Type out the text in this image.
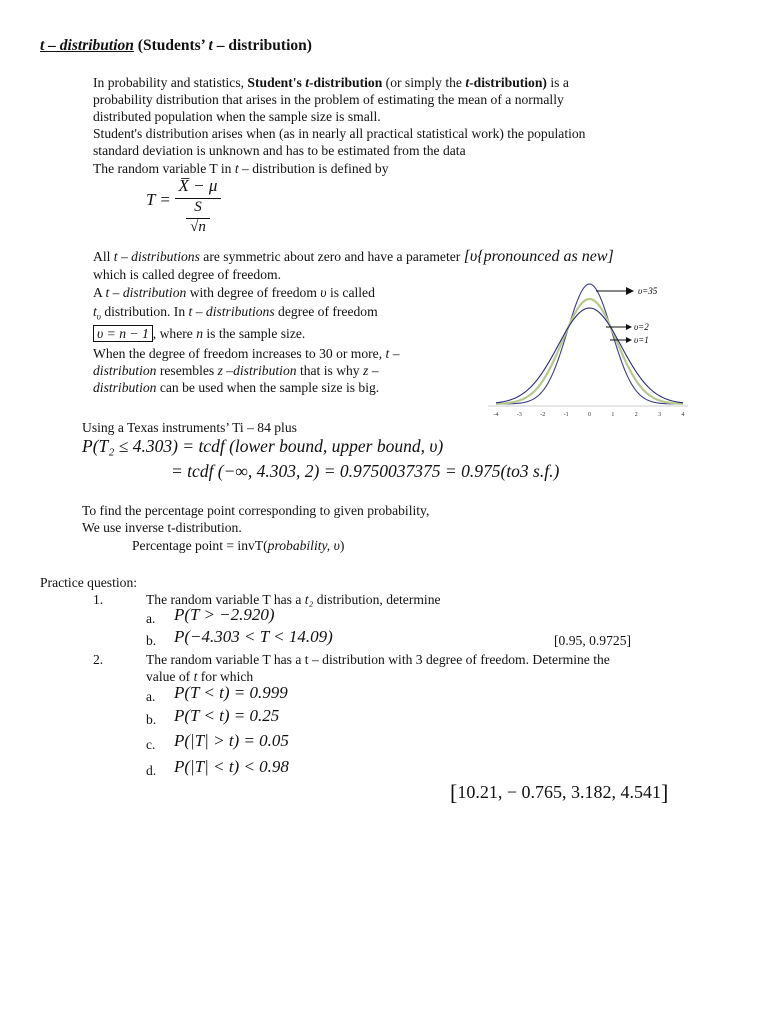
t – distribution (Students’ t – distribution)
In probability and statistics, Student's t-distribution (or simply the t-distribution) is a
probability distribution that arises in the problem of estimating the mean of a normally
distributed population when the sample size is small.
Student's distribution arises when (as in nearly all practical statistical work) the population
standard deviation is unknown and has to be estimated from the data
The random variable T in t – distribution is defined by
T =
X̅ − μ
S
√n
All t – distributions are symmetric about zero and have a parameter [υ{pronounced as new]
which is called degree of freedom.
A t – distribution with degree of freedom υ is called
$t_\upsilon$ distribution. In t – distributions degree of freedom
υ = n − 1 , where n is the sample size.
When the degree of freedom increases to 30 or more, t –
distribution resembles z –distribution that is why z –
distribution can be used when the sample size is big.
-4	-3	-2	-1	0	1	2	3	4
υ=35
υ=2
υ=1
Using a Texas instruments’ Ti – 84 plus
P(T₂ ≤ 4.303) = tcdf (lower bound, upper bound, υ)
= tcdf (−∞, 4.303, 2) = 0.9750037375 = 0.975(to3 s.f.)
To find the percentage point corresponding to given probability,
We use inverse t-distribution.
Percentage point = invT(probability, υ)
Practice question:
1.	The random variable T has a t₂ distribution, determine
a. P(T > −2.920)
b. P(−4.303 < T < 14.09)	[0.95, 0.9725]
2.	The random variable T has a t – distribution with 3 degree of freedom. Determine the
value of t for which
a. P(T < t) = 0.999
b. P(T < t) = 0.25
c. P(|T| > t) = 0.05
d. P(|T| < t) < 0.98
[10.21, − 0.765, 3.182, 4.541]
